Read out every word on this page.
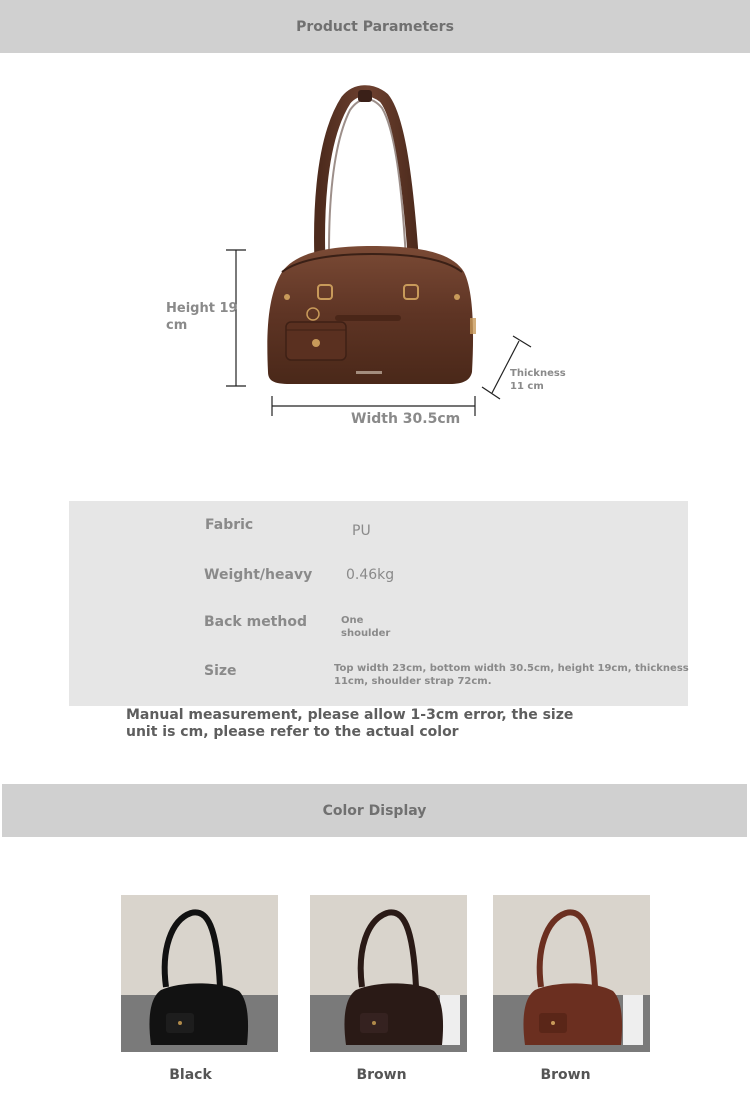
Product Parameters
Height 19 cm
Width 30.5cm
Thickness 11 cm
Fabric	PU
Weight/heavy 0.46kg
Back method	One shoulder
Size	Top width 23cm, bottom width 30.5cm, height 19cm, thickness 11cm, shoulder strap 72cm.
Manual measurement, please allow 1-3cm error, the size unit is cm, please refer to the actual color
Color Display
Black	Brown	Brown
